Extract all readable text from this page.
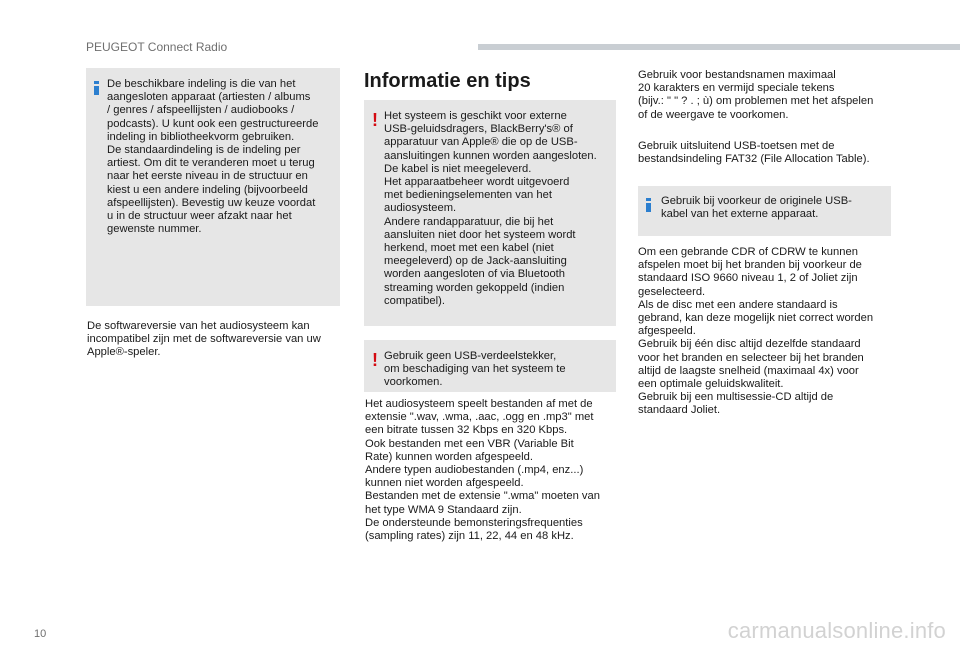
PEUGEOT Connect Radio
De beschikbare indeling is die van het
aangesloten apparaat (artiesten / albums
/ genres / afspeellijsten / audiobooks /
podcasts). U kunt ook een gestructureerde
indeling in bibliotheekvorm gebruiken.
De standaardindeling is de indeling per
artiest. Om dit te veranderen moet u terug
naar het eerste niveau in de structuur en
kiest u een andere indeling (bijvoorbeeld
afspeellijsten). Bevestig uw keuze voordat
u in de structuur weer afzakt naar het
gewenste nummer.
De softwareversie van het audiosysteem kan
incompatibel zijn met de softwareversie van uw
Apple®-speler.
Informatie en tips
! Het systeem is geschikt voor externe
USB-geluidsdragers, BlackBerry's® of
apparatuur van Apple® die op de USB-
aansluitingen kunnen worden aangesloten.
De kabel is niet meegeleverd.
Het apparaatbeheer wordt uitgevoerd
met bedieningselementen van het
audiosysteem.
Andere randapparatuur, die bij het
aansluiten niet door het systeem wordt
herkend, moet met een kabel (niet
meegeleverd) op de Jack-aansluiting
worden aangesloten of via Bluetooth
streaming worden gekoppeld (indien
compatibel).
! Gebruik geen USB-verdeelstekker,
om beschadiging van het systeem te
voorkomen.
Het audiosysteem speelt bestanden af met de
extensie ".wav, .wma, .aac, .ogg en .mp3" met
een bitrate tussen 32 Kbps en 320 Kbps.
Ook bestanden met een VBR (Variable Bit
Rate) kunnen worden afgespeeld.
Andere typen audiobestanden (.mp4, enz...)
kunnen niet worden afgespeeld.
Bestanden met de extensie ".wma" moeten van
het type WMA 9 Standaard zijn.
De ondersteunde bemonsteringsfrequenties
(sampling rates) zijn 11, 22, 44 en 48 kHz.
Gebruik voor bestandsnamen maximaal
20 karakters en vermijd speciale tekens
(bijv.: " " ? . ; ù) om problemen met het afspelen
of de weergave te voorkomen.
Gebruik uitsluitend USB-toetsen met de
bestandsindeling FAT32 (File Allocation Table).
Gebruik bij voorkeur de originele USB-
kabel van het externe apparaat.
Om een gebrande CDR of CDRW te kunnen
afspelen moet bij het branden bij voorkeur de
standaard ISO 9660 niveau 1, 2 of Joliet zijn
geselecteerd.
Als de disc met een andere standaard is
gebrand, kan deze mogelijk niet correct worden
afgespeeld.
Gebruik bij één disc altijd dezelfde standaard
voor het branden en selecteer bij het branden
altijd de laagste snelheid (maximaal 4x) voor
een optimale geluidskwaliteit.
Gebruik bij een multisessie-CD altijd de
standaard Joliet.
10	carmanualsonline.info
